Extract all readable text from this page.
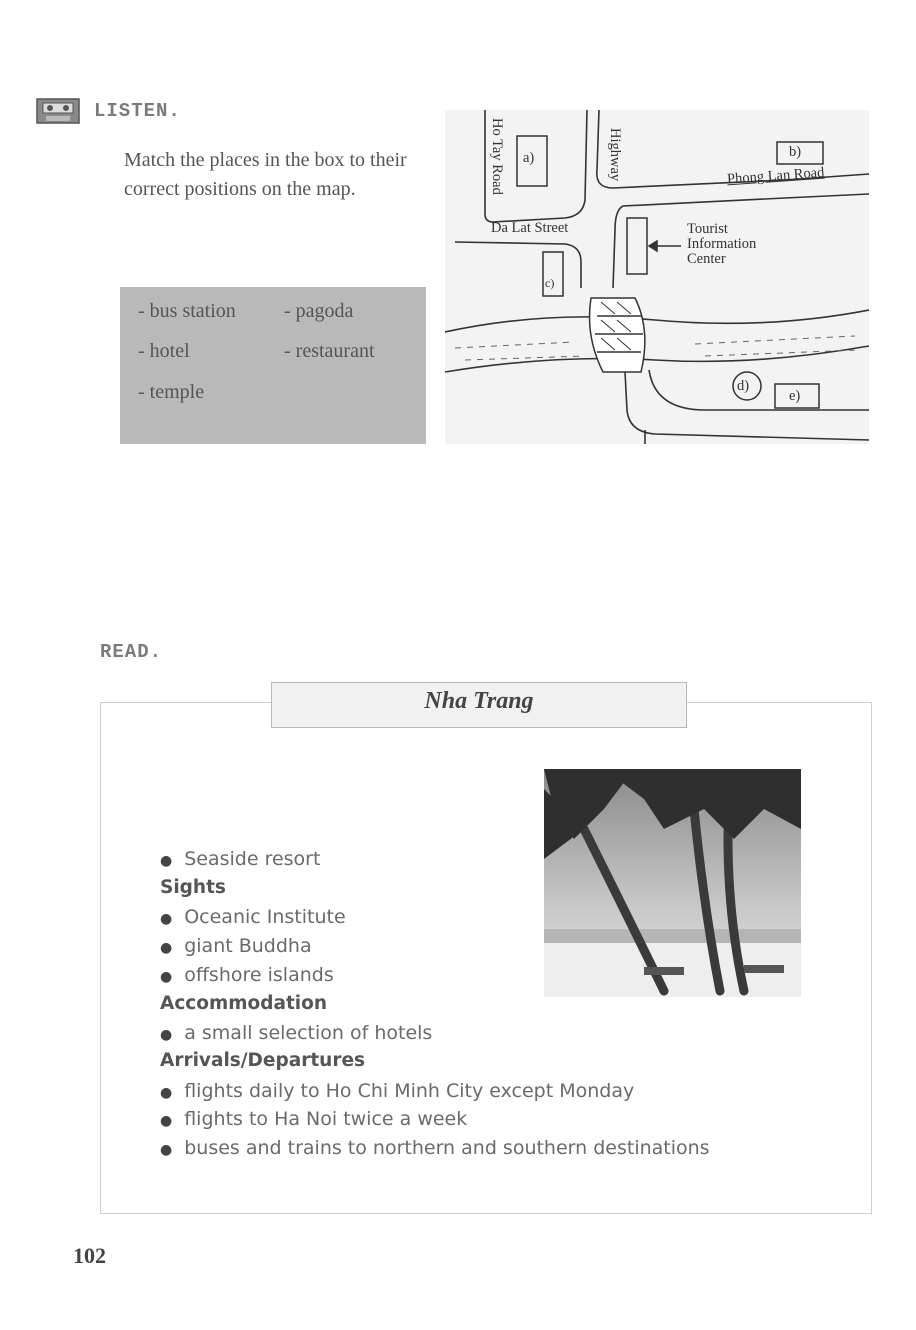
LISTEN.
Match the places in the box to their correct positions on the map.
- bus station - pagoda
- hotel	- restaurant
- temple
Ho Tay Road	Highway	Phong Lan Road
Da Lat Street	Tourist
Information
Center
a)	b)
c)
d)
e)
READ.
Nha Trang
● Seaside resort
Sights
● Oceanic Institute
● giant Buddha
● offshore islands
Accommodation
● a small selection of hotels
Arrivals/Departures
● flights daily to Ho Chi Minh City except Monday
● flights to Ha Noi twice a week
● buses and trains to northern and southern destinations
102
